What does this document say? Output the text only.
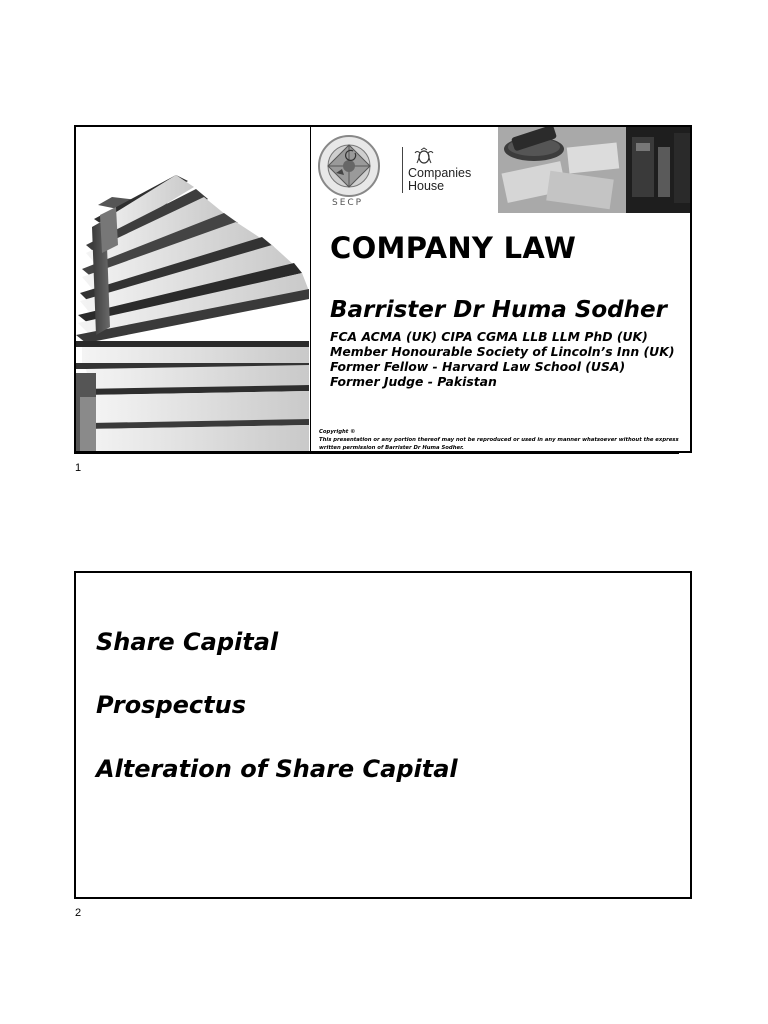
SECP
Companies
House
COMPANY LAW
Barrister Dr Huma Sodher
FCA ACMA (UK) CIPA CGMA LLB LLM PhD (UK)
Member Honourable Society of Lincoln’s Inn (UK)
Former Fellow - Harvard Law School (USA)
Former Judge - Pakistan
Copyright ©
This presentation or any portion thereof may not be reproduced or used in any manner whatsoever without the express written permission of Barrister Dr Huma Sodher.
1
Share Capital
Prospectus
Alteration of Share Capital
2
